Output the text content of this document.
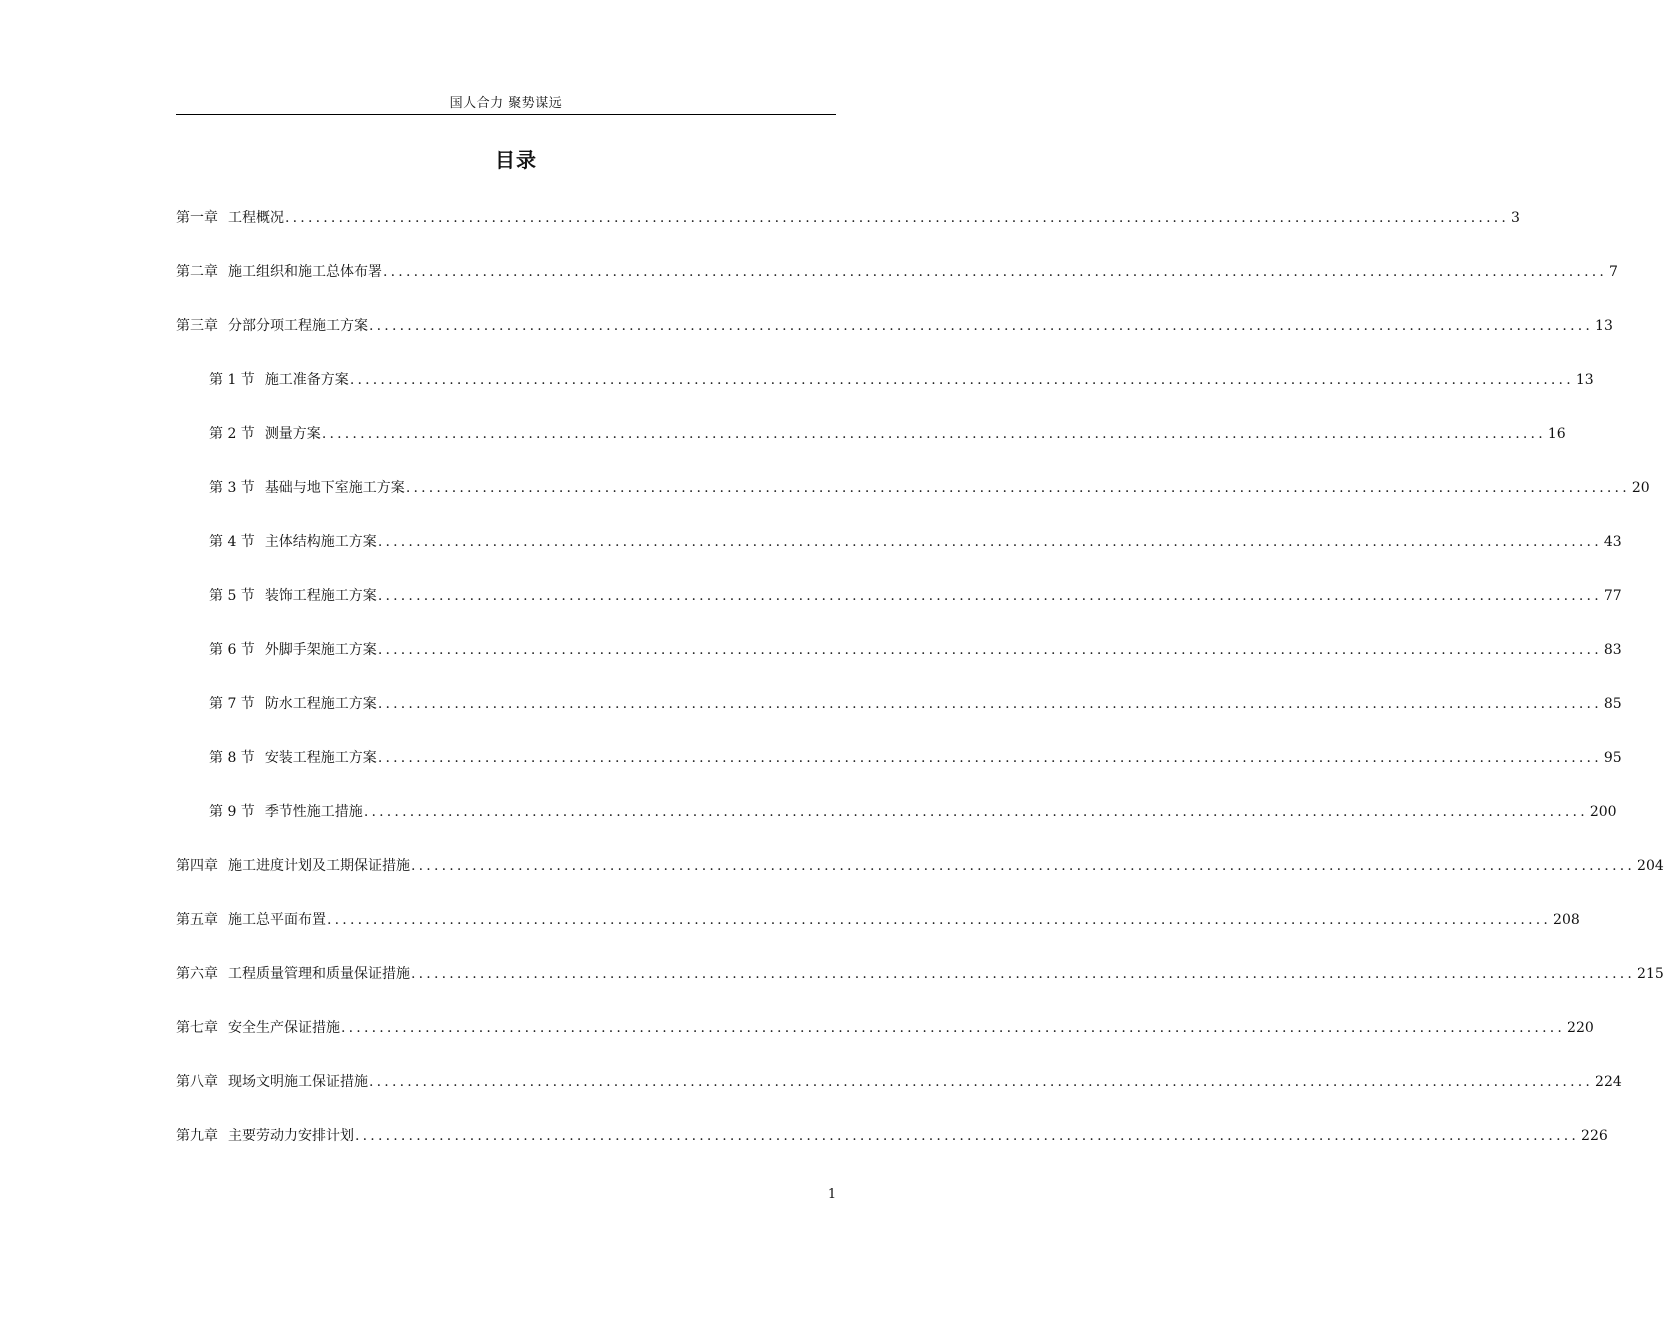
国人合力 聚势谋远
目录
第一章 工程概况 ................................................................................................................................................................ 3
第二章 施工组织和施工总体布署 ................................................................................................................................................................ 7
第三章 分部分项工程施工方案 ................................................................................................................................................................ 13
第 1 节 施工准备方案 ................................................................................................................................................................ 13
第 2 节 测量方案 ................................................................................................................................................................ 16
第 3 节 基础与地下室施工方案 ................................................................................................................................................................ 20
第 4 节 主体结构施工方案 ................................................................................................................................................................ 43
第 5 节 装饰工程施工方案 ................................................................................................................................................................ 77
第 6 节 外脚手架施工方案 ................................................................................................................................................................ 83
第 7 节 防水工程施工方案 ................................................................................................................................................................ 85
第 8 节 安装工程施工方案 ................................................................................................................................................................ 95
第 9 节 季节性施工措施 ................................................................................................................................................................ 200
第四章 施工进度计划及工期保证措施 ................................................................................................................................................................ 204
第五章 施工总平面布置 ................................................................................................................................................................ 208
第六章 工程质量管理和质量保证措施 ................................................................................................................................................................ 215
第七章 安全生产保证措施 ................................................................................................................................................................ 220
第八章 现场文明施工保证措施 ................................................................................................................................................................ 224
第九章 主要劳动力安排计划 ................................................................................................................................................................ 226
1
